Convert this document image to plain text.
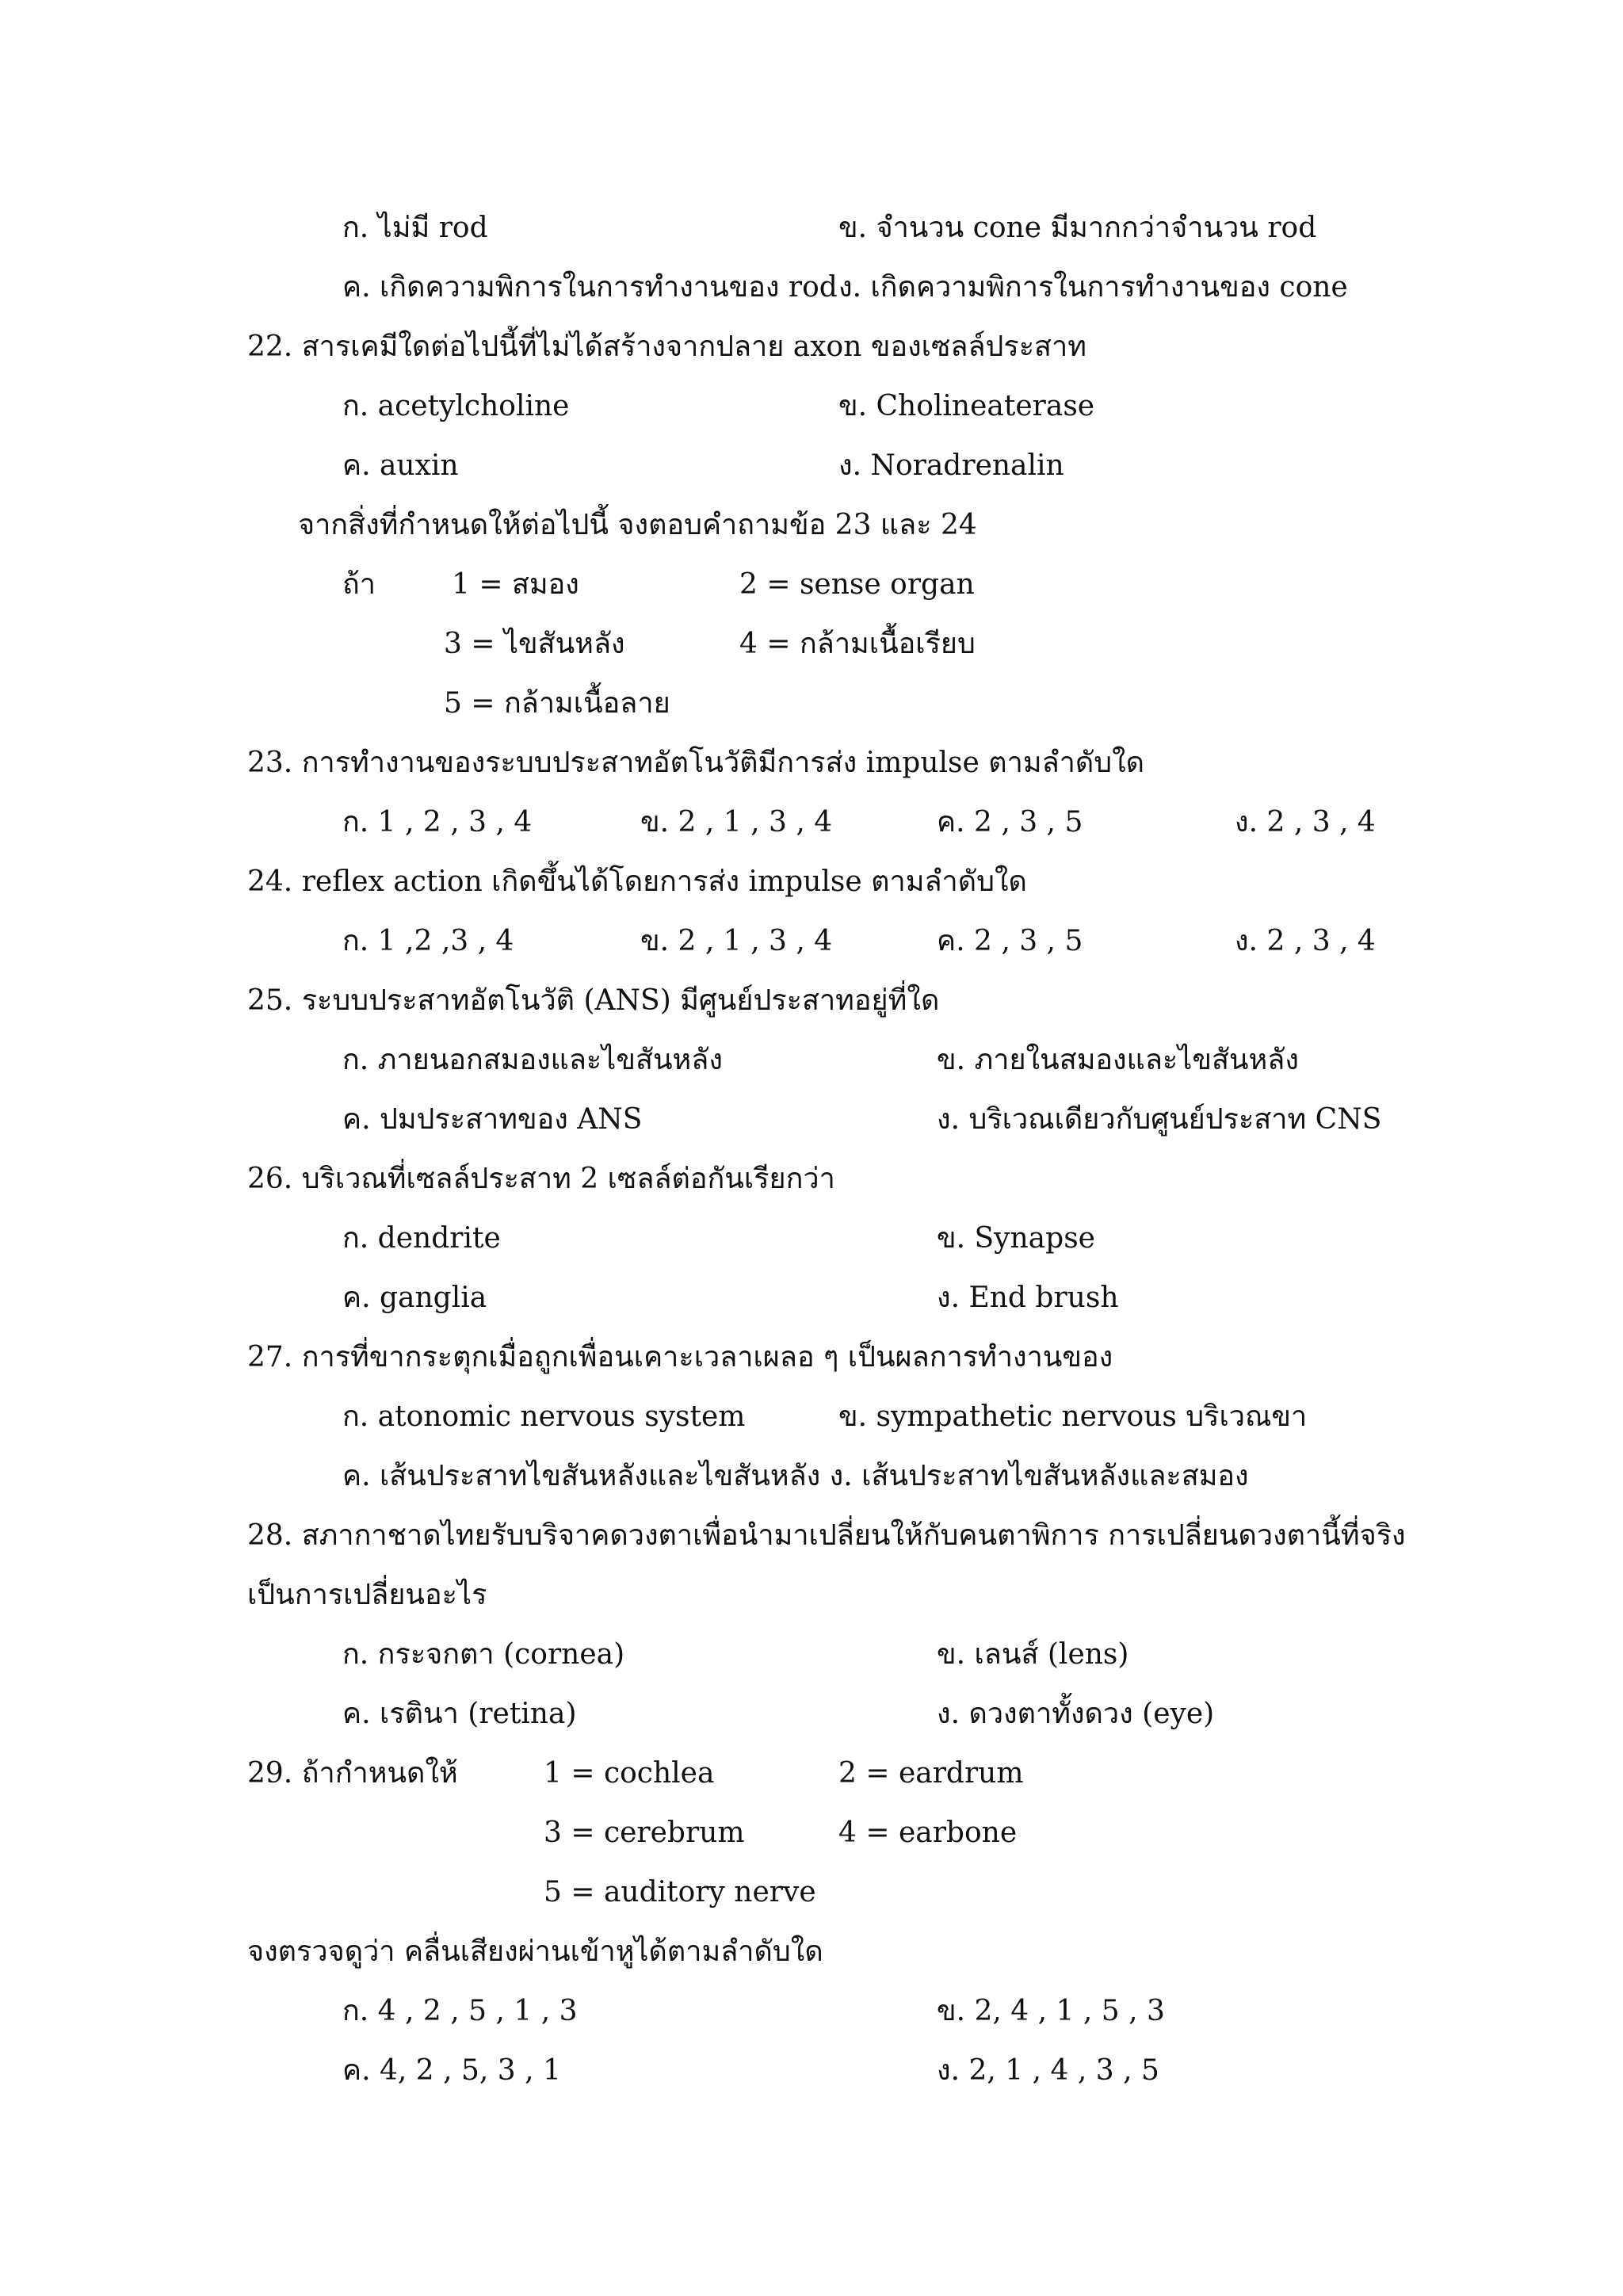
ก. ไม่มี rod	ข. จำนวน cone มีมากกว่าจำนวน rod
ค. เกิดความพิการในการทำงานของ rod ง. เกิดความพิการในการทำงานของ cone
22. สารเคมีใดต่อไปนี้ที่ไม่ได้สร้างจากปลาย axon ของเซลล์ประสาท
ก. acetylcholine	ข. Cholineaterase
ค. auxin	ง. Noradrenalin
จากสิ่งที่กำหนดให้ต่อไปนี้ จงตอบคำถามข้อ 23 และ 24
ถ้า	1 = สมอง	2 = sense organ
3 = ไขสันหลัง	4 = กล้ามเนื้อเรียบ
5 = กล้ามเนื้อลาย
23. การทำงานของระบบประสาทอัตโนวัติมีการส่ง impulse ตามลำดับใด
ก. 1 , 2 , 3 , 4	ข. 2 , 1 , 3 , 4	ค. 2 , 3 , 5	ง. 2 , 3 , 4
24. reflex action เกิดขึ้นได้โดยการส่ง impulse ตามลำดับใด
ก. 1 ,2 ,3 , 4	ข. 2 , 1 , 3 , 4	ค. 2 , 3 , 5	ง. 2 , 3 , 4
25. ระบบประสาทอัตโนวัติ (ANS) มีศูนย์ประสาทอยู่ที่ใด
ก. ภายนอกสมองและไขสันหลัง	ข. ภายในสมองและไขสันหลัง
ค. ปมประสาทของ ANS	ง. บริเวณเดียวกับศูนย์ประสาท CNS
26. บริเวณที่เซลล์ประสาท 2 เซลล์ต่อกันเรียกว่า
ก. dendrite	ข. Synapse
ค. ganglia	ง. End brush
27. การที่ขากระตุกเมื่อถูกเพื่อนเคาะเวลาเผลอ ๆ เป็นผลการทำงานของ
ก. atonomic nervous system	ข. sympathetic nervous บริเวณขา
ค. เส้นประสาทไขสันหลังและไขสันหลัง ง. เส้นประสาทไขสันหลังและสมอง
28. สภากาชาดไทยรับบริจาคดวงตาเพื่อนำมาเปลี่ยนให้กับคนตาพิการ การเปลี่ยนดวงตานี้ที่จริง
เป็นการเปลี่ยนอะไร
ก. กระจกตา (cornea)	ข. เลนส์ (lens)
ค. เรตินา (retina)	ง. ดวงตาทั้งดวง (eye)
29. ถ้ากำหนดให้	1 = cochlea	2 = eardrum
3 = cerebrum	4 = earbone
5 = auditory nerve
จงตรวจดูว่า คลื่นเสียงผ่านเข้าหูได้ตามลำดับใด
ก. 4 , 2 , 5 , 1 , 3	ข. 2, 4 , 1 , 5 , 3
ค. 4, 2 , 5, 3 , 1	ง. 2, 1 , 4 , 3 , 5
